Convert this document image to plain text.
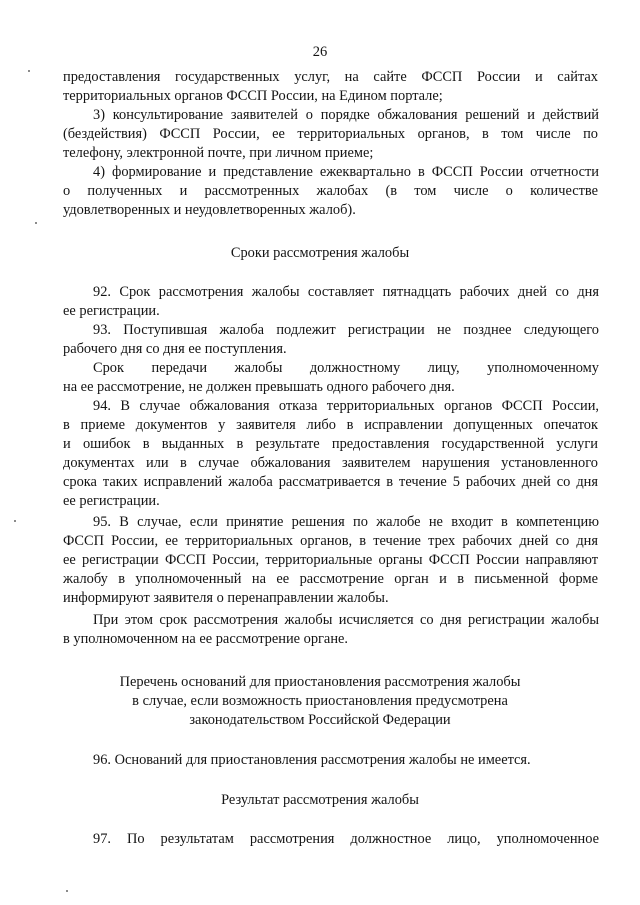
26
предоставления государственных услуг, на сайте ФССП России и сайтах
территориальных органов ФССП России, на Едином портале;
3) консультирование заявителей о порядке обжалования решений и действий
(бездействия) ФССП России, ее территориальных органов, в том числе по
телефону, электронной почте, при личном приеме;
4) формирование и представление ежеквартально в ФССП России отчетности
о полученных и рассмотренных жалобах (в том числе о количестве
удовлетворенных и неудовлетворенных жалоб).
Сроки рассмотрения жалобы
92. Срок рассмотрения жалобы составляет пятнадцать рабочих дней со дня
ее регистрации.
93. Поступившая жалоба подлежит регистрации не позднее следующего
рабочего дня со дня ее поступления.
Срок передачи жалобы должностному лицу, уполномоченному
на ее рассмотрение, не должен превышать одного рабочего дня.
94. В случае обжалования отказа территориальных органов ФССП России,
в приеме документов у заявителя либо в исправлении допущенных опечаток
и ошибок в выданных в результате предоставления государственной услуги
документах или в случае обжалования заявителем нарушения установленного
срока таких исправлений жалоба рассматривается в течение 5 рабочих дней со дня
ее регистрации.
95. В случае, если принятие решения по жалобе не входит в компетенцию
ФССП России, ее территориальных органов, в течение трех рабочих дней со дня
ее регистрации ФССП России, территориальные органы ФССП России направляют
жалобу в уполномоченный на ее рассмотрение орган и в письменной форме
информируют заявителя о перенаправлении жалобы.
При этом срок рассмотрения жалобы исчисляется со дня регистрации жалобы
в уполномоченном на ее рассмотрение органе.
Перечень оснований для приостановления рассмотрения жалобы
в случае, если возможность приостановления предусмотрена
законодательством Российской Федерации
96. Оснований для приостановления рассмотрения жалобы не имеется.
Результат рассмотрения жалобы
97. По результатам рассмотрения должностное лицо, уполномоченное
